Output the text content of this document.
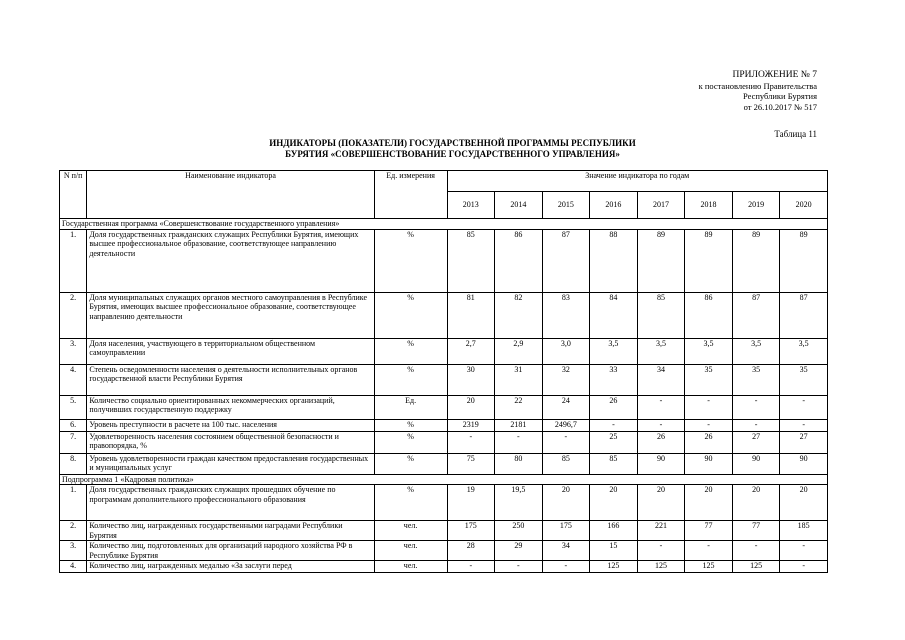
ПРИЛОЖЕНИЕ № 7
к постановлению Правительства
Республики Бурятия
от 26.10.2017 № 517
Таблица 11
ИНДИКАТОРЫ (ПОКАЗАТЕЛИ) ГОСУДАРСТВЕННОЙ ПРОГРАММЫ РЕСПУБЛИКИ
БУРЯТИЯ «СОВЕРШЕНСТВОВАНИЕ ГОСУДАРСТВЕННОГО УПРАВЛЕНИЯ»
N п/п	Наименование индикатора	Ед. измерения	Значение индикатора по годам							
			2013	2014	2015	2016	2017	2018	2019	2020
Государственная программа «Совершенствование государственного управления»										
1.	Доля государственных гражданских служащих Республики Бурятия, имеющих высшее профессиональное образование, соответствующее направлению деятельности	%	85	86	87	88	89	89	89	89
2.	Доля муниципальных служащих органов местного самоуправления в Республике Бурятия, имеющих высшее профессиональное образование, соответствующее направлению деятельности	%	81	82	83	84	85	86	87	87
3.	Доля населения, участвующего в территориальном общественном самоуправлении	%	2,7	2,9	3,0	3,5	3,5	3,5	3,5	3,5
4.	Степень осведомленности населения о деятельности исполнительных органов государственной власти Республики Бурятия	%	30	31	32	33	34	35	35	35
5.	Количество социально ориентированных некоммерческих организаций, получивших государственную поддержку	Ед.	20	22	24	26	-	-	-	-
6.	Уровень преступности в расчете на 100 тыс. населения	%	2319	2181	2496,7	-	-	-	-	-
7.	Удовлетворенность населения состоянием общественной безопасности и правопорядка, %	%	-	-	-	25	26	26	27	27
8.	Уровень удовлетворенности граждан качеством предоставления государственных и муниципальных услуг	%	75	80	85	85	90	90	90	90
Подпрограмма 1 «Кадровая политика»										
1.	Доля государственных гражданских служащих прошедших обучение по программам дополнительного профессионального образования	%	19	19,5	20	20	20	20	20	20
2.	Количество лиц, награжденных государственными наградами Республики Бурятия	чел.	175	250	175	166	221	77	77	185
3.	Количество лиц, подготовленных для организаций народного хозяйства РФ в Республике Бурятия	чел.	28	29	34	15	-	-	-	-
4.	Количество лиц, награжденных медалью «За заслуги перед	чел.	-	-	-	125	125	125	125	-
